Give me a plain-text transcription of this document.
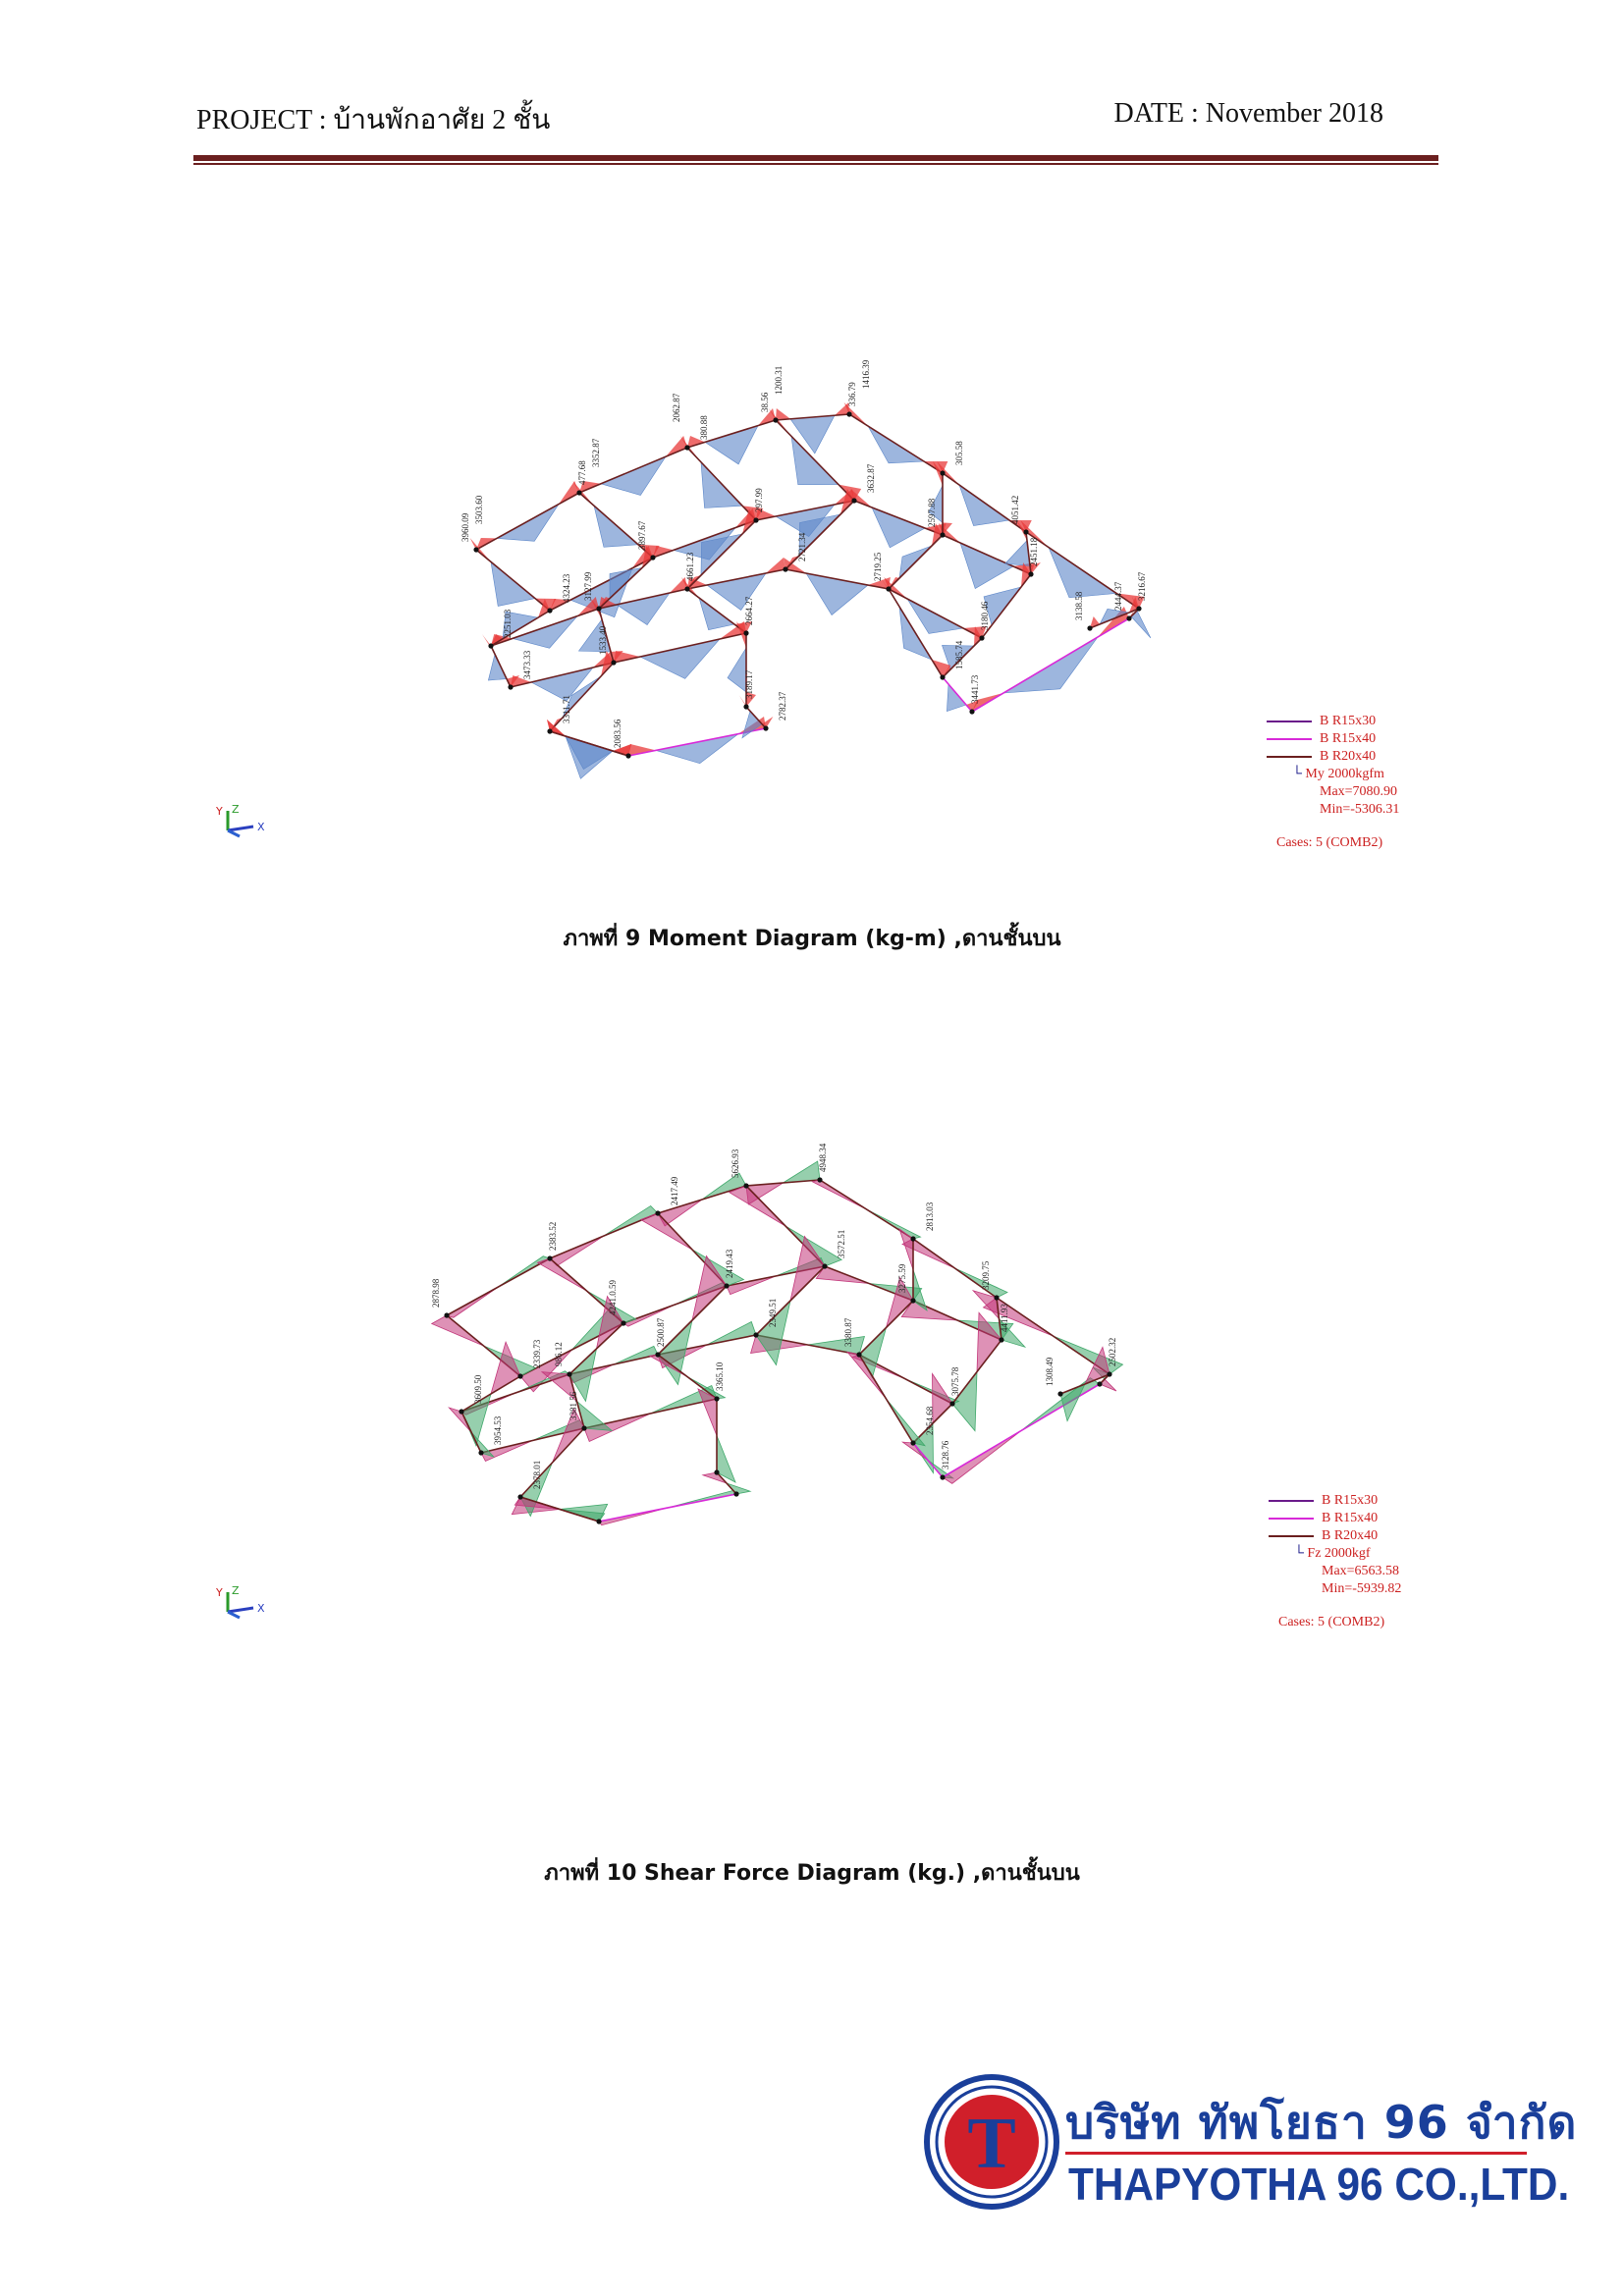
PROJECT : บ้านพักอาศัย 2 ชั้น	DATE : November 2018
3960.09
477.68
380.88
38.56	336.79
305.58
4051.42
3216.67
4324.23
3897.67
297.99
3632.87
2597.88
2451.18
2251.03
3127.99
4661.23
2721.34
2719.25
3180.46
3473.33
1533.40
2664.27
1585.74
3138.58
3441.73
3311.71
2083.56
3189.17
2782.37
2444.37
3503.60
3352.87
2062.87
1200.31	1416.39
B R15x30
B R15x40
B R20x40
└ My 2000kgfm
Max=7080.90
Min=-5306.31
Cases: 5 (COMB2)
Y Z
X
ภาพที่ 9 Moment Diagram (kg-m) ,ดานชั้นบน
2878.98
2383.52
2417.49
5626.93	4948.34
2813.03
3209.75
2502.32
2339.73
4241.0.59
2419.43
3572.51
3275.59
4411.93
3609.50
986.12
2500.87
2349.51
3380.87
3075.78
3954.53
3381.56
3365.10
2354.68
1308.49
3128.76
2378.01
B R15x30
B R15x40
B R20x40
└ Fz 2000kgf
Max=6563.58
Min=-5939.82
Cases: 5 (COMB2)
Y Z
X
ภาพที่ 10 Shear Force Diagram (kg.) ,ดานชั้นบน
T บริษัท ทัพโยธา 96 จำกัด
THAPYOTHA 96 CO.,LTD.
